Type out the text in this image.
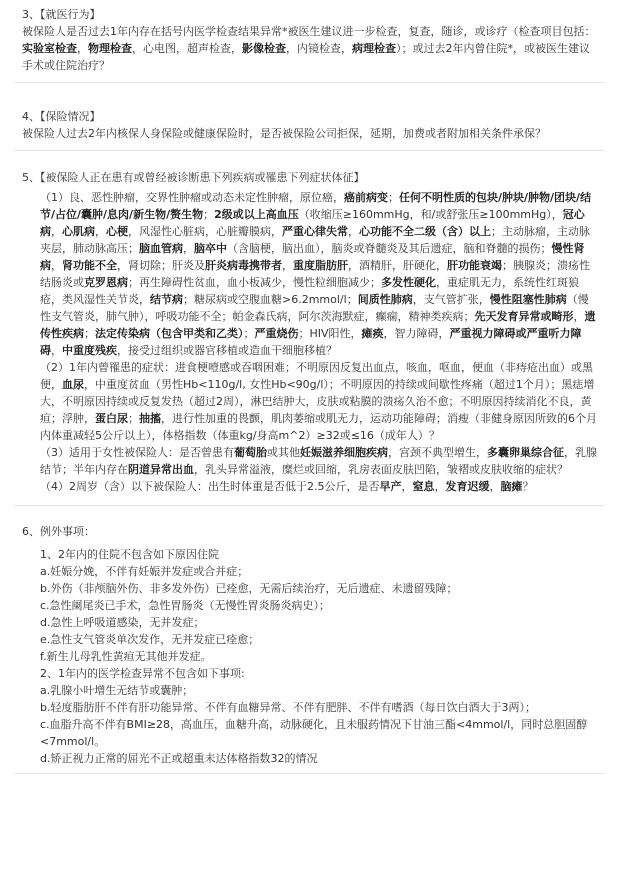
3、【就医行为】

被保险人是否过去1年内存在括号内医学检查结果异常*被医生建议进一步检查，复查，随诊，或诊疗（检查项目包括：实验室检查，物理检查，心电图，超声检查，影像检查，内镜检查，病理检查）；或过去2年内曾住院*，或被医生建议手术或住院治疗？

4、【保险情况】

被保险人过去2年内核保人身保险或健康保险时，是否被保险公司拒保，延期，加费或者附加相关条件承保？

5、【被保险人正在患有或曾经被诊断患下列疾病或罹患下列症状体征】

（1）良、恶性肿瘤，交界性肿瘤或动态未定性肿瘤，原位癌，癌前病变；任何不明性质的包块/肿块/肿物/团块/结节/占位/囊肿/息肉/新生物/赘生物；2级或以上高血压（收缩压≥160mmHg，和/或舒张压≥100mmHg），冠心病，心肌病，心梗，风湿性心脏病，心脏瓣膜病，严重心律失常，心功能不全二级（含）以上；主动脉瘤，主动脉夹层，肺动脉高压；脑血管病，脑卒中（含脑梗，脑出血），脑炎或脊髓炎及其后遗症，脑和脊髓的损伤；慢性肾病，肾功能不全，肾切除；肝炎及肝炎病毒携带者，重度脂肪肝，酒精肝，肝硬化，肝功能衰竭；胰腺炎；溃疡性结肠炎或克罗恩病；再生障碍性贫血，血小板减少，慢性粒细胞减少；多发性硬化，重症肌无力，系统性红斑狼疮，类风湿性关节炎，结节病；糖尿病或空腹血糖>6.2mmol/l；间质性肺病，支气管扩张，慢性阻塞性肺病（慢性支气管炎，肺气肿），呼吸功能不全；帕金森氏病，阿尔茨海默症，癫痫，精神类疾病；先天发育异常或畸形，遗传性疾病；法定传染病（包含甲类和乙类）；严重烧伤；HIV阳性，瘫痪，智力障碍，严重视力障碍或严重听力障碍，中重度残疾，接受过组织或器官移植或造血干细胞移植？

（2）1年内曾罹患的症状：进食梗噎感或吞咽困难；不明原因反复出血点，咳血，呕血，便血（非痔疮出血）或黑便，血尿，中重度贫血（男性Hb<110g/l, 女性Hb<90g/l）；不明原因的持续或间歇性疼痛（超过1个月）；黑痣增大，不明原因持续或反复发热（超过2周），淋巴结肿大，皮肤或粘膜的溃疡久治不愈；不明原因持续消化不良，黄疸；浮肿，蛋白尿；抽搐，进行性加重的畏颤，肌肉萎缩或肌无力，运动功能障碍；消瘦（非健身原因所致的6个月内体重减轻5公斤以上），体格指数（体重kg/身高m^2）≥32或≤16（成年人）？

（3）适用于女性被保险人：是否曾患有葡萄胎或其他妊娠滋养细胞疾病，宫颈不典型增生，多囊卵巢综合征，乳腺结节；半年内存在阴道异常出血，乳头异常溢液，糜烂或回缩，乳房表面皮肤凹陷，皱褶或皮肤收缩的症状？

（4）2周岁（含）以下被保险人：出生时体重是否低于2.5公斤，是否早产，窒息，发育迟缓，脑瘫？

6、例外事项：

1、2年内的住院不包含如下原因住院

a.妊娠分娩，不伴有妊娠并发症或合并症；

b.外伤（非颅脑外伤、非多发外伤）已痊愈，无需后续治疗，无后遗症、未遗留残障；

c.急性阑尾炎已手术，急性胃肠炎（无慢性胃炎肠炎病史）；

d.急性上呼吸道感染，无并发症；

e.急性支气管炎单次发作，无并发症已痊愈；

f.新生儿母乳性黄疸无其他并发症。

2、1年内的医学检查异常不包含如下事项:

a.乳腺小叶增生无结节或囊肿；

b.轻度脂肪肝不伴有肝功能异常、不伴有血糖异常、不伴有肥胖、不伴有嗜酒（每日饮白酒大于3两）；

c.血脂升高不伴有BMI≥28，高血压，血糖升高，动脉硬化，且未服药情况下甘油三酯<4mmol/l，同时总胆固醇<7mmol/l。

d.矫正视力正常的屈光不正或超重未达体格指数32的情况
